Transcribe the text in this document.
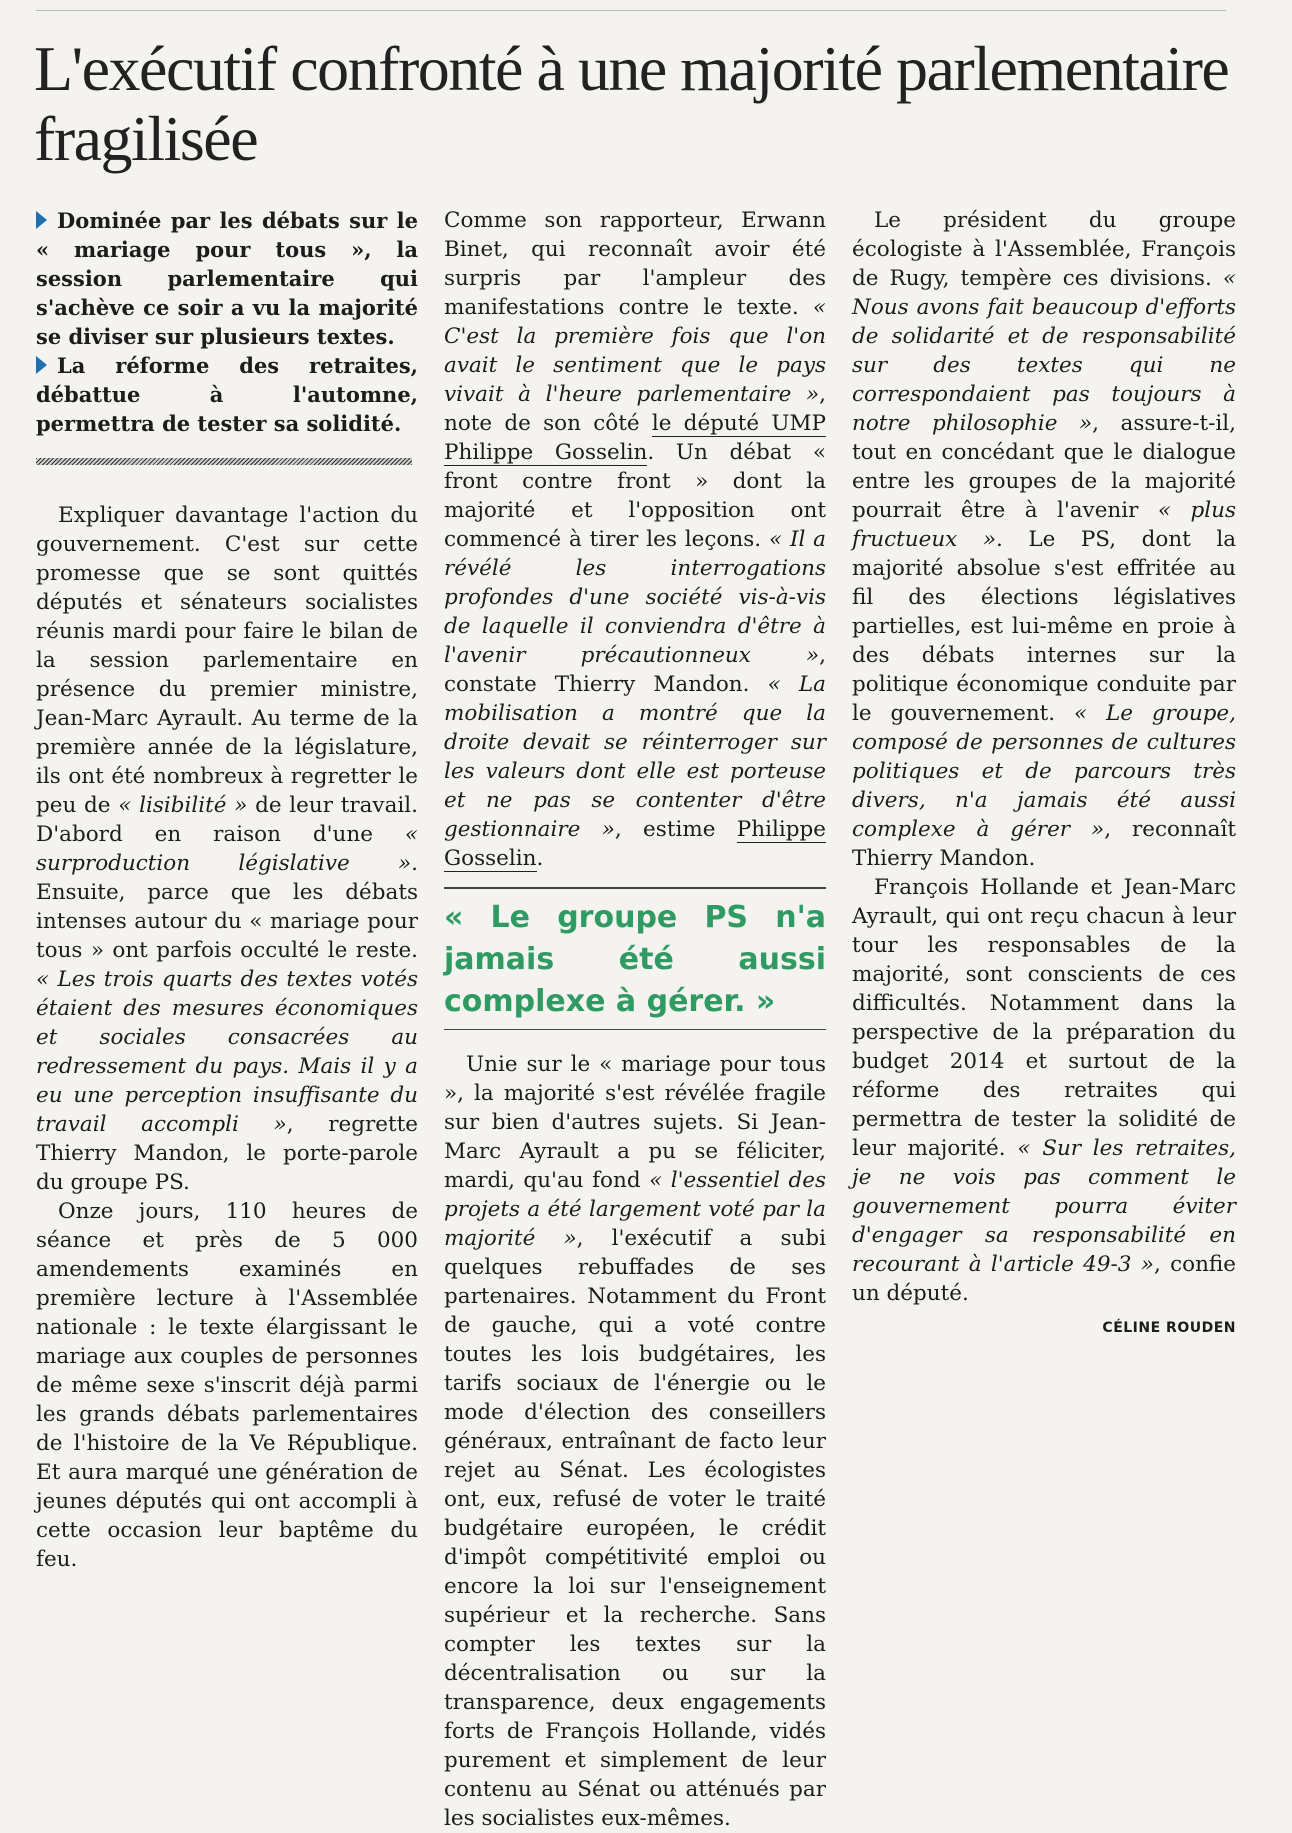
L'exécutif confronté à une majorité parlementaire fragilisée

Dominée par les débats sur le « mariage pour tous », la session parlementaire qui s'achève ce soir a vu la majorité se diviser sur plusieurs textes.

La réforme des retraites, débattue à l'automne, permettra de tester sa solidité.

Expliquer davantage l'action du gouvernement. C'est sur cette promesse que se sont quittés députés et sénateurs socialistes réunis mardi pour faire le bilan de la session parlementaire en présence du premier ministre, Jean-Marc Ayrault. Au terme de la première année de la législature, ils ont été nombreux à regretter le peu de « lisibilité » de leur travail. D'abord en raison d'une « surproduction législative ». Ensuite, parce que les débats intenses autour du « mariage pour tous » ont parfois occulté le reste. « Les trois quarts des textes votés étaient des mesures économiques et sociales consacrées au redressement du pays. Mais il y a eu une perception insuffisante du travail accompli », regrette Thierry Mandon, le porte-parole du groupe PS.

Onze jours, 110 heures de séance et près de 5 000 amendements examinés en première lecture à l'Assemblée nationale : le texte élargissant le mariage aux couples de personnes de même sexe s'inscrit déjà parmi les grands débats parlementaires de l'histoire de la Ve République. Et aura marqué une génération de jeunes députés qui ont accompli à cette occasion leur baptême du feu.

Comme son rapporteur, Erwann Binet, qui reconnaît avoir été surpris par l'ampleur des manifestations contre le texte. « C'est la première fois que l'on avait le sentiment que le pays vivait à l'heure parlementaire », note de son côté le député UMP Philippe Gosselin. Un débat « front contre front » dont la majorité et l'opposition ont commencé à tirer les leçons. « Il a révélé les interrogations profondes d'une société vis-à-vis de laquelle il conviendra d'être à l'avenir précautionneux », constate Thierry Mandon. « La mobilisation a montré que la droite devait se réinterroger sur les valeurs dont elle est porteuse et ne pas se contenter d'être gestionnaire », estime Philippe Gosselin.

« Le groupe PS n'a jamais été aussi complexe à gérer. »

Unie sur le « mariage pour tous », la majorité s'est révélée fragile sur bien d'autres sujets. Si Jean-Marc Ayrault a pu se féliciter, mardi, qu'au fond « l'essentiel des projets a été largement voté par la majorité », l'exécutif a subi quelques rebuffades de ses partenaires. Notamment du Front de gauche, qui a voté contre toutes les lois budgétaires, les tarifs sociaux de l'énergie ou le mode d'élection des conseillers généraux, entraînant de facto leur rejet au Sénat. Les écologistes ont, eux, refusé de voter le traité budgétaire européen, le crédit d'impôt compétitivité emploi ou encore la loi sur l'enseignement supérieur et la recherche. Sans compter les textes sur la décentralisation ou sur la transparence, deux engagements forts de François Hollande, vidés purement et simplement de leur contenu au Sénat ou atténués par les socialistes eux-mêmes.

Le président du groupe écologiste à l'Assemblée, François de Rugy, tempère ces divisions. « Nous avons fait beaucoup d'efforts de solidarité et de responsabilité sur des textes qui ne correspondaient pas toujours à notre philosophie », assure-t-il, tout en concédant que le dialogue entre les groupes de la majorité pourrait être à l'avenir « plus fructueux ». Le PS, dont la majorité absolue s'est effritée au fil des élections législatives partielles, est lui-même en proie à des débats internes sur la politique économique conduite par le gouvernement. « Le groupe, composé de personnes de cultures politiques et de parcours très divers, n'a jamais été aussi complexe à gérer », reconnaît Thierry Mandon.

François Hollande et Jean-Marc Ayrault, qui ont reçu chacun à leur tour les responsables de la majorité, sont conscients de ces difficultés. Notamment dans la perspective de la préparation du budget 2014 et surtout de la réforme des retraites qui permettra de tester la solidité de leur majorité. « Sur les retraites, je ne vois pas comment le gouvernement pourra éviter d'engager sa responsabilité en recourant à l'article 49-3 », confie un député.

CÉLINE ROUDEN
